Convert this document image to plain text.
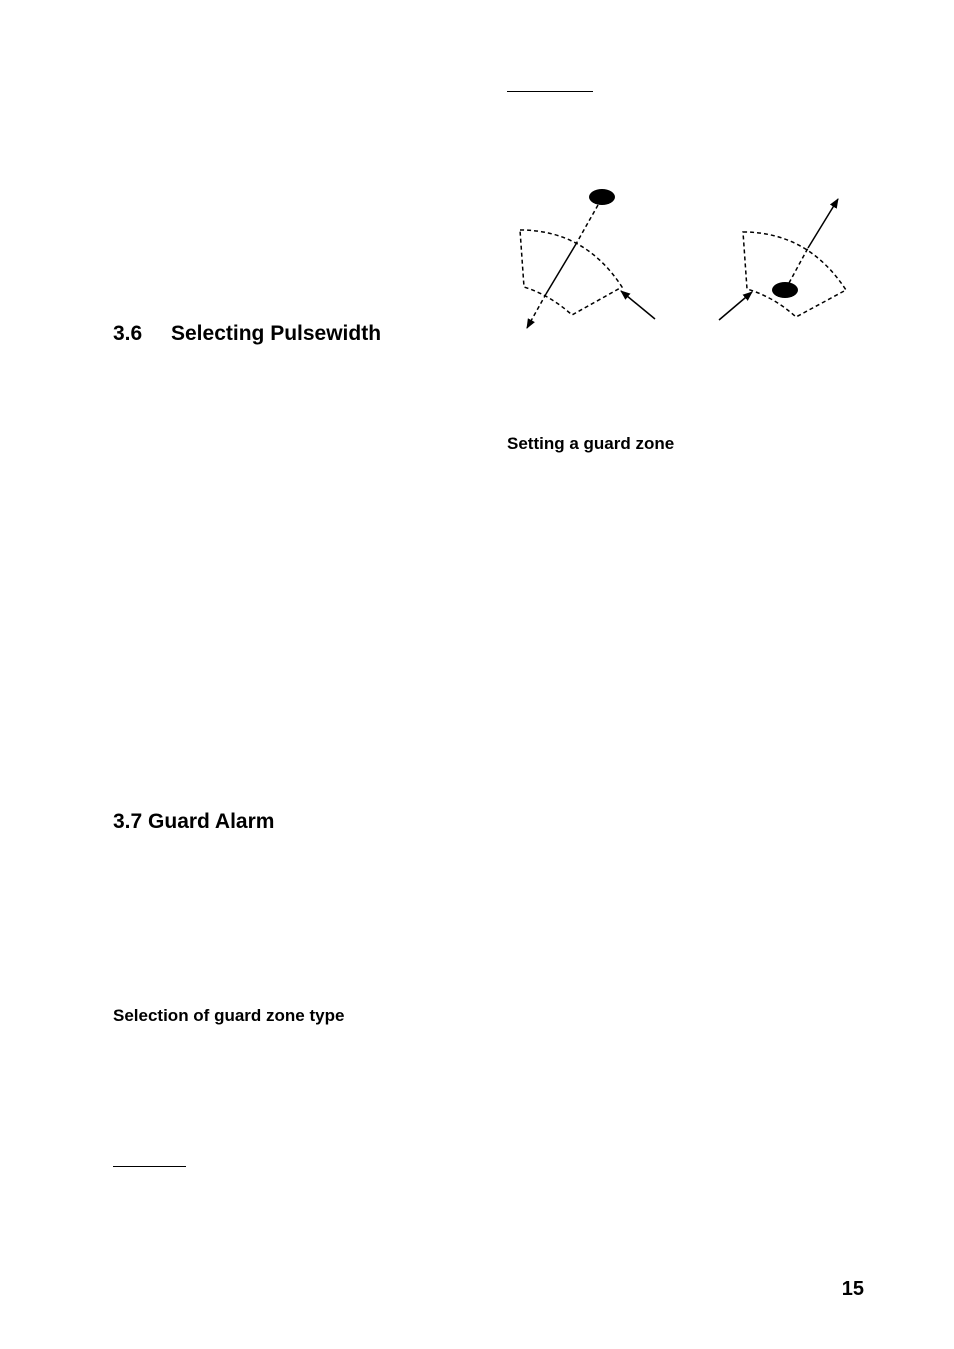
3.6 Selecting Pulsewidth
Setting a guard zone
3.7 Guard Alarm
Selection of guard zone type
15
